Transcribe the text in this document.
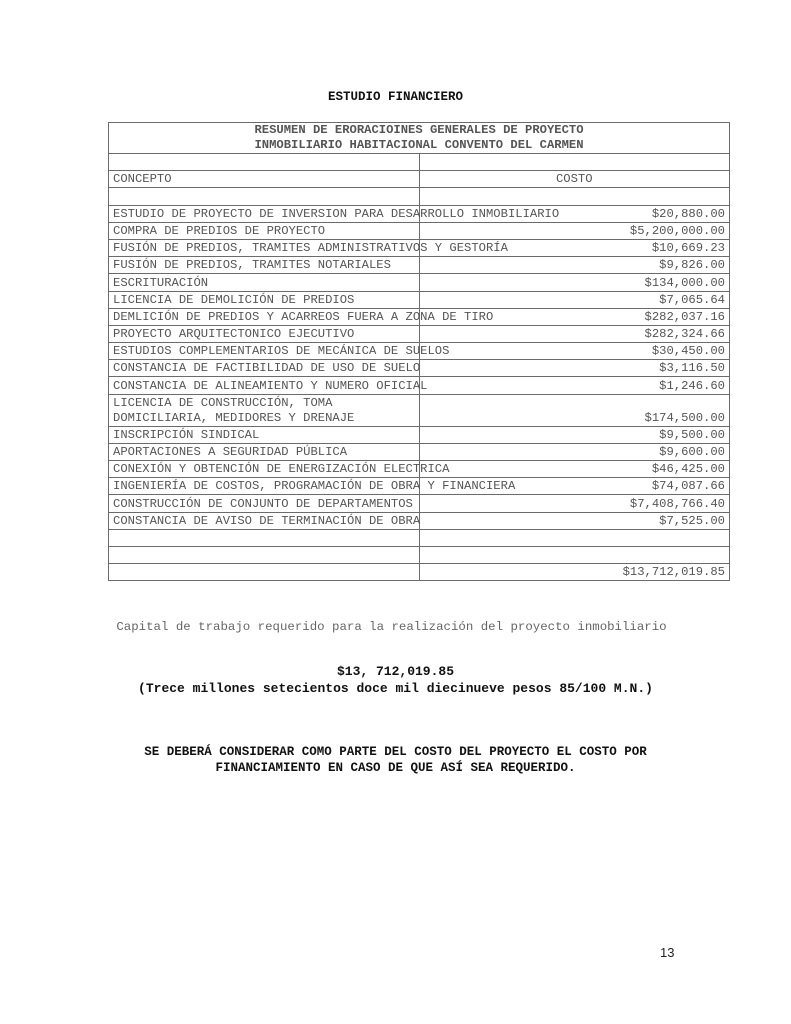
ESTUDIO FINANCIERO
RESUMEN DE EROR​ACIOINES GENERALES DE PROYECTO
INMOBILIARIO HABITACIONAL CONVENTO DEL CARMEN	

CONCEPTO	COSTO

ESTUDIO DE PROYECTO DE INVERSION PARA DESARROLLO INMOBILIARIO	$20,880.00
COMPRA DE PREDIOS DE PROYECTO	$5,200,000.00
FUSIÓN DE PREDIOS, TRAMITES ADMINISTRATIVOS Y GESTORÍA	$10,669.23
FUSIÓN DE PREDIOS, TRAMITES NOTARIALES	$9,826.00
ESCRITURACIÓN	$134,000.00
LICENCIA DE DEMOLICIÓN DE PREDIOS	$7,065.64
DEMLICIÓN DE PREDIOS Y ACARREOS FUERA A ZONA DE TIRO	$282,037.16
PROYECTO ARQUITECTONICO EJECUTIVO	$282,324.66
ESTUDIOS COMPLEMENTARIOS DE MECÁNICA DE SUELOS	$30,450.00
CONSTANCIA DE FACTIBILIDAD DE USO DE SUELO	$3,116.50
CONSTANCIA DE ALINEAMIENTO Y NUMERO OFICIAL	$1,246.60
LICENCIA DE CONSTRUCCIÓN, TOMA DOMICILIARIA, MEDIDORES Y DRENAJE	$174,500.00
INSCRIPCIÓN SINDICAL	$9,500.00
APORTACIONES A SEGURIDAD PÚBLICA	$9,600.00
CONEXIÓN Y OBTENCIÓN DE ENERGIZACIÓN ELECTRICA	$46,425.00
INGENIERÍA DE COSTOS, PROGRAMACIÓN DE OBRA Y FINANCIERA	$74,087.66
CONSTRUCCIÓN DE CONJUNTO DE DEPARTAMENTOS	$7,408,766.40
CONSTANCIA DE AVISO DE TERMINACIÓN DE OBRA	$7,525.00

	$13,712,019.85
Capital de trabajo requerido para la realización del proyecto inmobiliario
$13, 712,019.85
(Trece millones setecientos doce mil diecinueve pesos 85/100 M.N.)
SE DEBERÁ CONSIDERAR COMO PARTE DEL COSTO DEL PROYECTO EL COSTO POR
FINANCIAMIENTO EN CASO DE QUE ASÍ SEA REQUERIDO.
13
